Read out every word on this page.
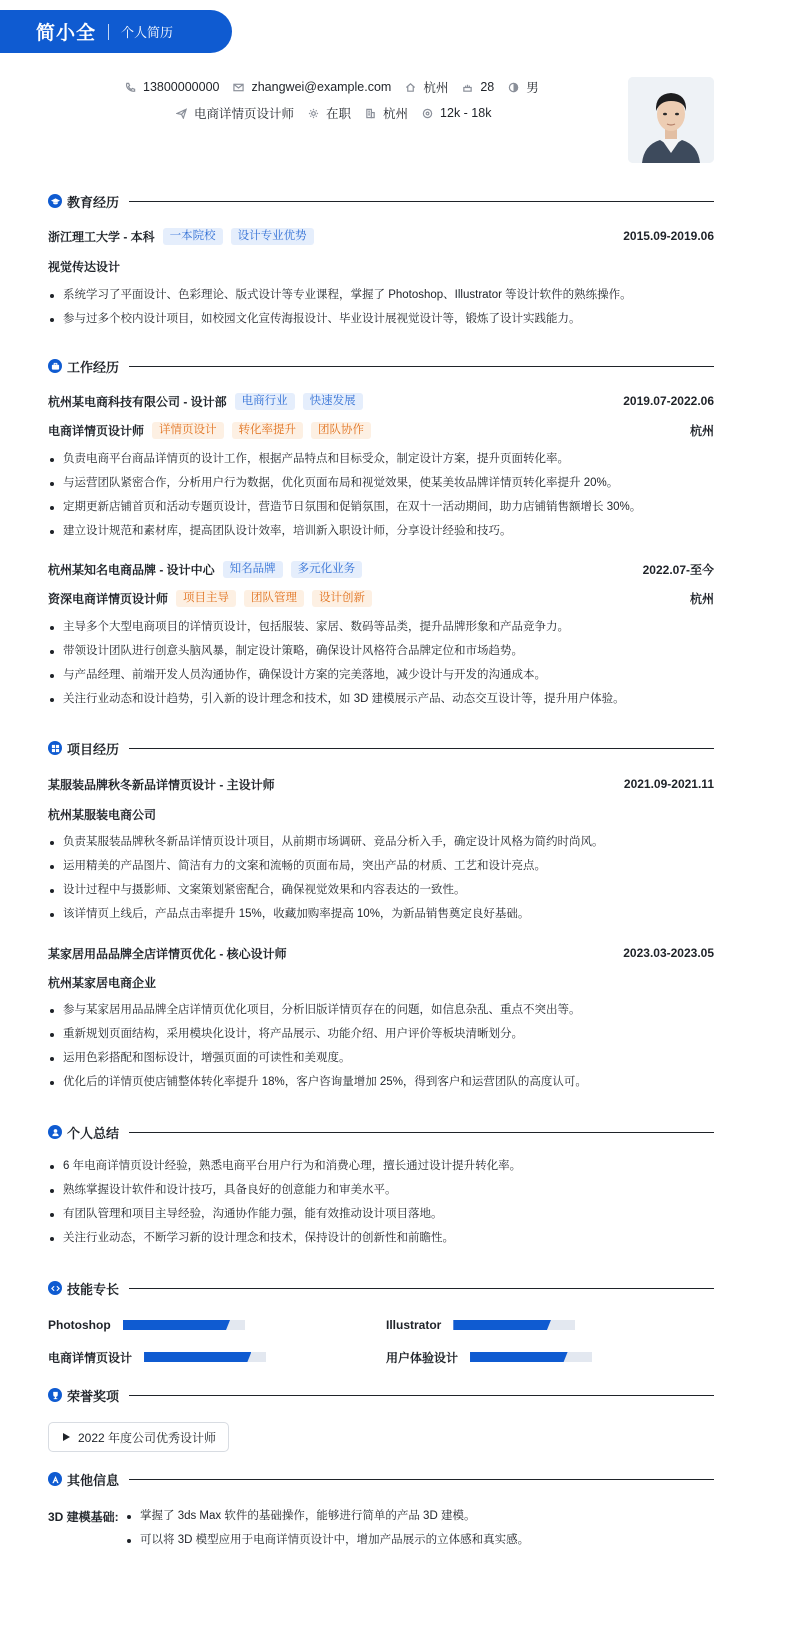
简小全 个人简历
13800000000	zhangwei@example.com	杭州	28	男
电商详情页设计师	在职	杭州	12k - 18k
教育经历
浙江理工大学 - 本科	一本院校	设计专业优势	2015.09-2019.06
视觉传达设计
系统学习了平面设计、色彩理论、版式设计等专业课程，掌握了 Photoshop、Illustrator 等设计软件的熟练操作。
参与过多个校内设计项目，如校园文化宣传海报设计、毕业设计展视觉设计等，锻炼了设计实践能力。
工作经历
杭州某电商科技有限公司 - 设计部	电商行业	快速发展	2019.07-2022.06
电商详情页设计师	详情页设计	转化率提升	团队协作	杭州
负责电商平台商品详情页的设计工作，根据产品特点和目标受众，制定设计方案，提升页面转化率。
与运营团队紧密合作，分析用户行为数据，优化页面布局和视觉效果，使某美妆品牌详情页转化率提升 20%。
定期更新店铺首页和活动专题页设计，营造节日氛围和促销氛围，在双十一活动期间，助力店铺销售额增长 30%。
建立设计规范和素材库，提高团队设计效率，培训新入职设计师，分享设计经验和技巧。
杭州某知名电商品牌 - 设计中心	知名品牌	多元化业务	2022.07-至今
资深电商详情页设计师	项目主导	团队管理	设计创新	杭州
主导多个大型电商项目的详情页设计，包括服装、家居、数码等品类，提升品牌形象和产品竞争力。
带领设计团队进行创意头脑风暴，制定设计策略，确保设计风格符合品牌定位和市场趋势。
与产品经理、前端开发人员沟通协作，确保设计方案的完美落地，减少设计与开发的沟通成本。
关注行业动态和设计趋势，引入新的设计理念和技术，如 3D 建模展示产品、动态交互设计等，提升用户体验。
项目经历
某服装品牌秋冬新品详情页设计 - 主设计师	2021.09-2021.11
杭州某服装电商公司
负责某服装品牌秋冬新品详情页设计项目，从前期市场调研、竞品分析入手，确定设计风格为简约时尚风。
运用精美的产品图片、简洁有力的文案和流畅的页面布局，突出产品的材质、工艺和设计亮点。
设计过程中与摄影师、文案策划紧密配合，确保视觉效果和内容表达的一致性。
该详情页上线后，产品点击率提升 15%，收藏加购率提高 10%，为新品销售奠定良好基础。
某家居用品品牌全店详情页优化 - 核心设计师	2023.03-2023.05
杭州某家居电商企业
参与某家居用品品牌全店详情页优化项目，分析旧版详情页存在的问题，如信息杂乱、重点不突出等。
重新规划页面结构，采用模块化设计，将产品展示、功能介绍、用户评价等板块清晰划分。
运用色彩搭配和图标设计，增强页面的可读性和美观度。
优化后的详情页使店铺整体转化率提升 18%，客户咨询量增加 25%，得到客户和运营团队的高度认可。
个人总结
6 年电商详情页设计经验，熟悉电商平台用户行为和消费心理，擅长通过设计提升转化率。
熟练掌握设计软件和设计技巧，具备良好的创意能力和审美水平。
有团队管理和项目主导经验，沟通协作能力强，能有效推动设计项目落地。
关注行业动态，不断学习新的设计理念和技术，保持设计的创新性和前瞻性。
技能专长
Photoshop	Illustrator
电商详情页设计	用户体验设计
荣誉奖项
2022 年度公司优秀设计师
其他信息
3D 建模基础:	掌握了 3ds Max 软件的基础操作，能够进行简单的产品 3D 建模。
可以将 3D 模型应用于电商详情页设计中，增加产品展示的立体感和真实感。
